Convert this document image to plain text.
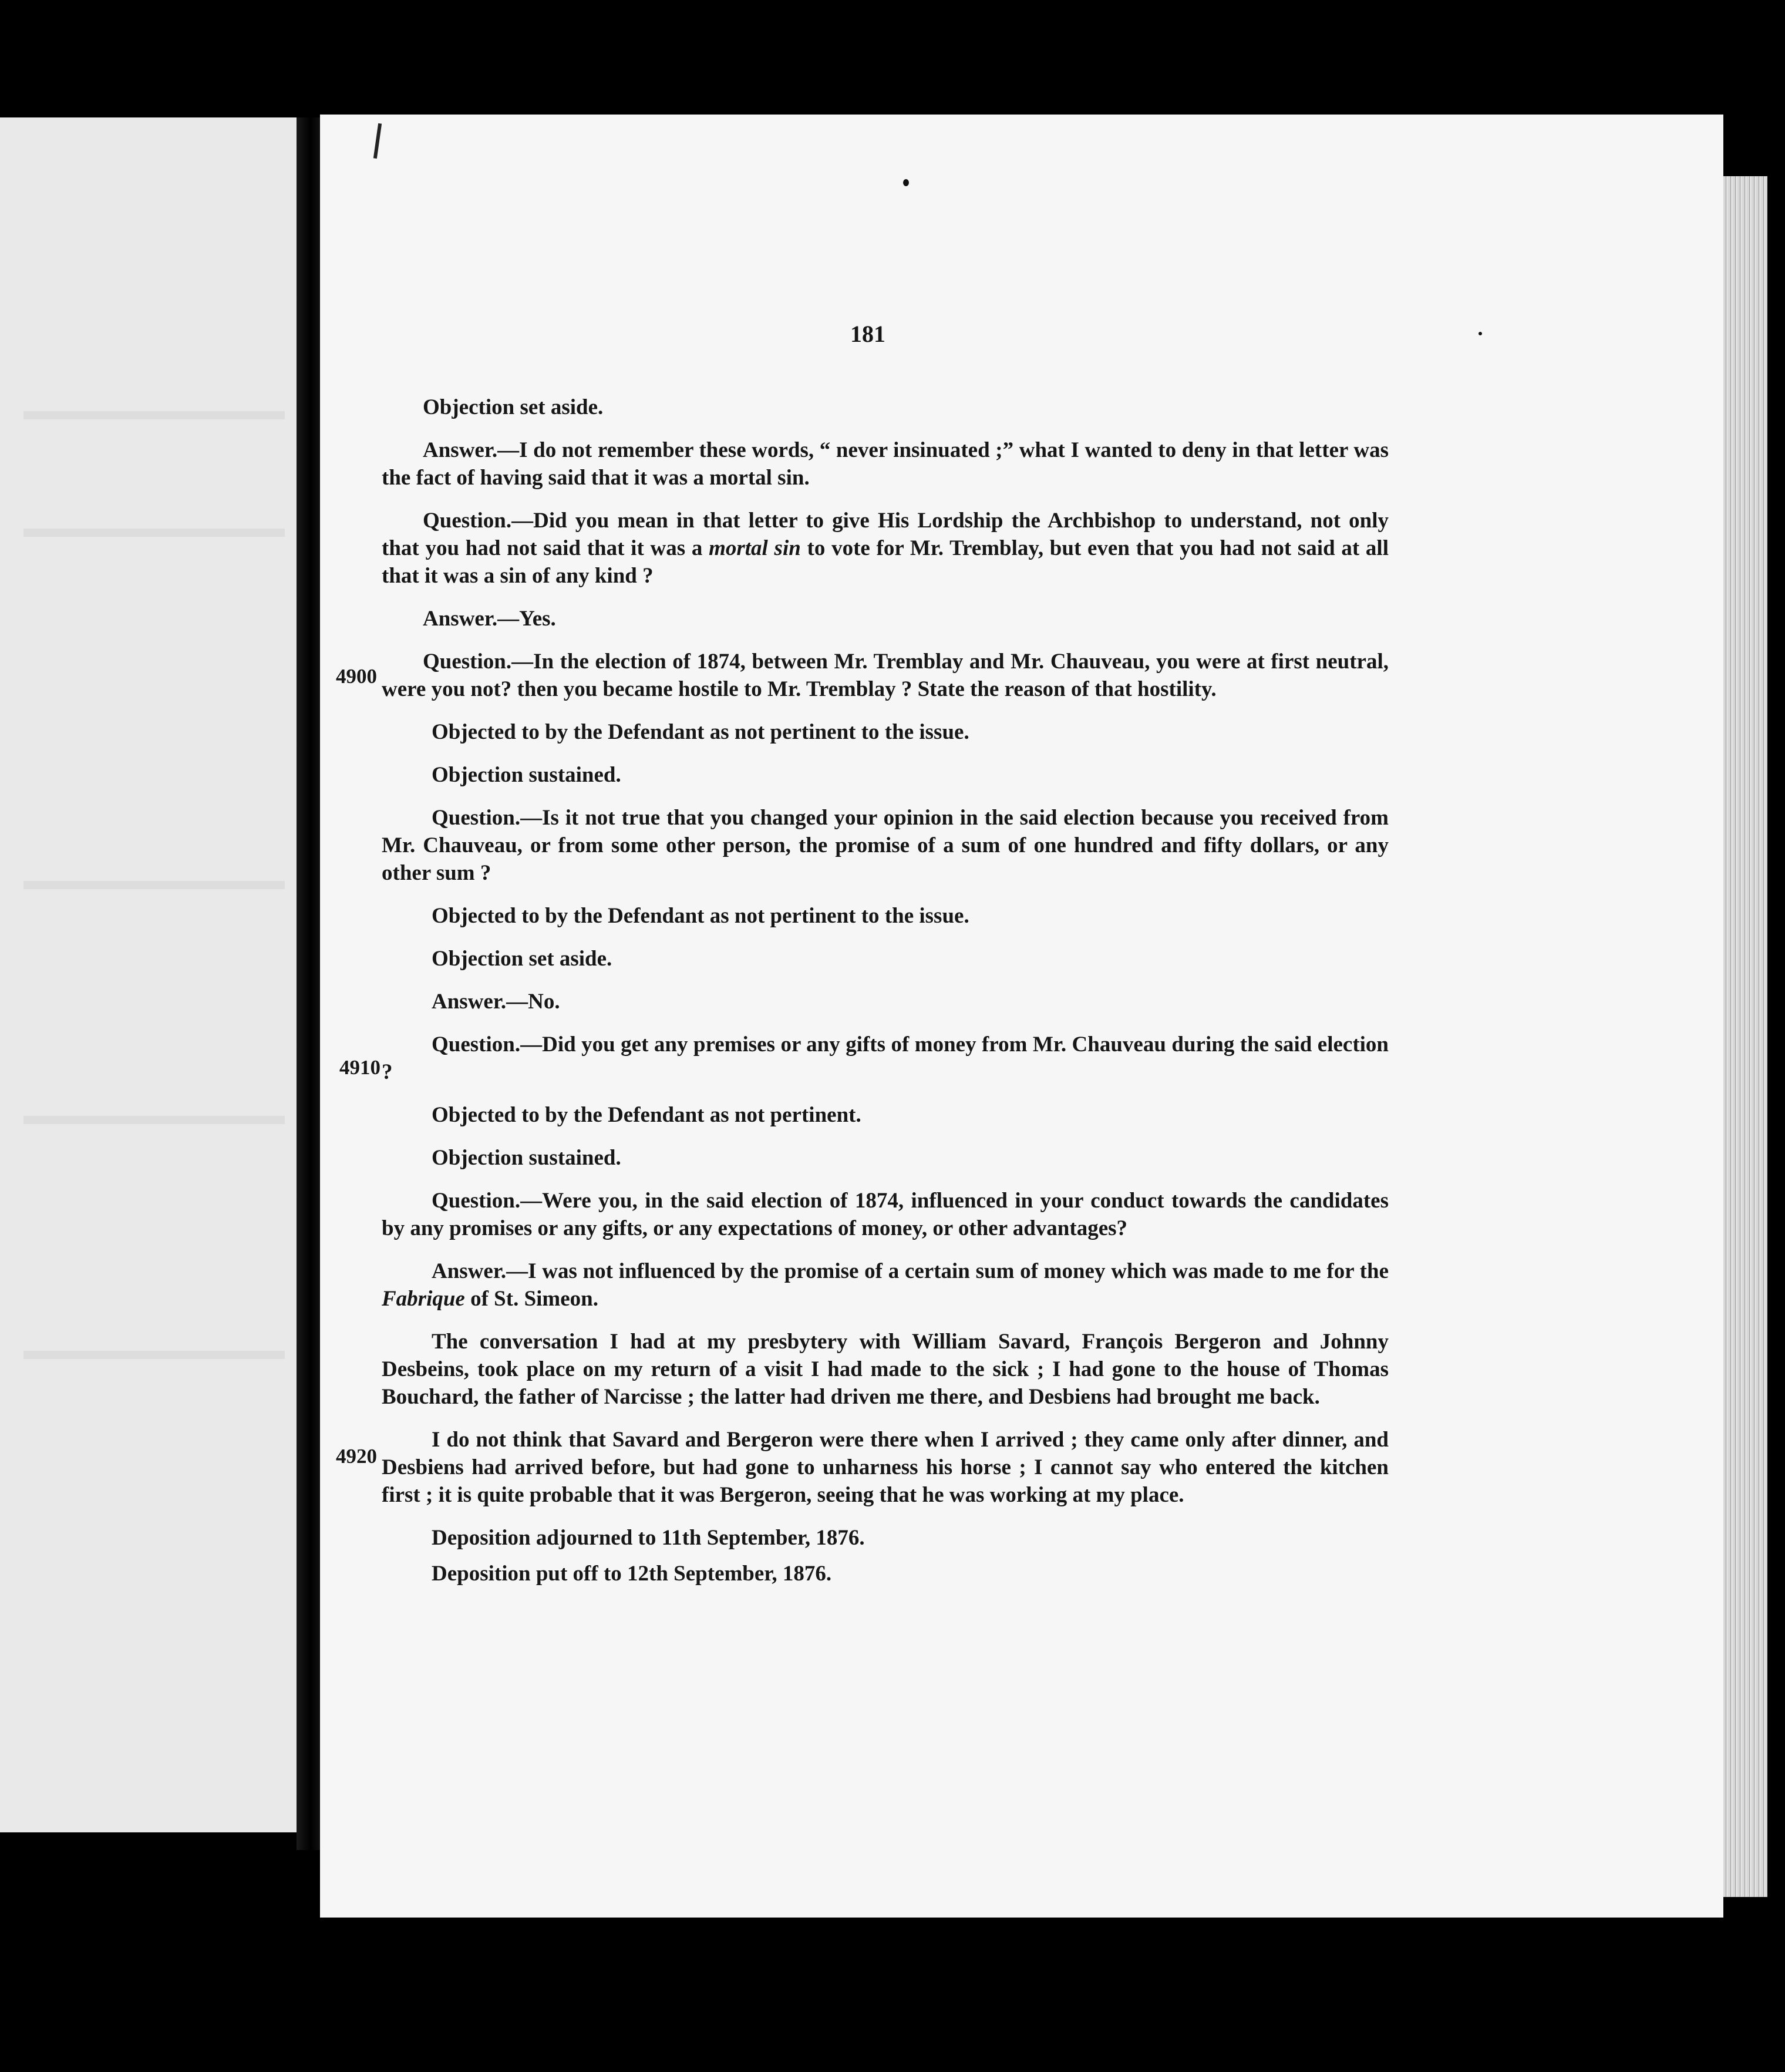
181
4900
4910
4920

Objection set aside.

Answer.—I do not remember these words, “ never insinuated ;” what I wanted to deny in that letter was the fact of having said that it was a mortal sin.

Question.—Did you mean in that letter to give His Lordship the Archbishop to understand, not only that you had not said that it was a mortal sin to vote for Mr. Tremblay, but even that you had not said at all that it was a sin of any kind ?

Answer.—Yes.

Question.—In the election of 1874, between Mr. Tremblay and Mr. Chauveau, you were at first neutral, were you not? then you became hostile to Mr. Tremblay ? State the reason of that hostility.

Objected to by the Defendant as not pertinent to the issue.

Objection sustained.

Question.—Is it not true that you changed your opinion in the said election because you received from Mr. Chauveau, or from some other person, the promise of a sum of one hundred and fifty dollars, or any other sum ?

Objected to by the Defendant as not pertinent to the issue.

Objection set aside.

Answer.—No.

Question.—Did you get any premises or any gifts of money from Mr. Chauveau during the said election ?

Objected to by the Defendant as not pertinent.

Objection sustained.

Question.—Were you, in the said election of 1874, influenced in your conduct towards the candidates by any promises or any gifts, or any expectations of money, or other advantages?

Answer.—I was not influenced by the promise of a certain sum of money which was made to me for the Fabrique of St. Simeon.

The conversation I had at my presbytery with William Savard, François Bergeron and Johnny Desbeins, took place on my return of a visit I had made to the sick ; I had gone to the house of Thomas Bouchard, the father of Narcisse ; the latter had driven me there, and Desbiens had brought me back.

I do not think that Savard and Bergeron were there when I arrived ; they came only after dinner, and Desbiens had arrived before, but had gone to unharness his horse ; I cannot say who entered the kitchen first ; it is quite probable that it was Bergeron, seeing that he was working at my place.

Deposition adjourned to 11th September, 1876.

Deposition put off to 12th September, 1876.
